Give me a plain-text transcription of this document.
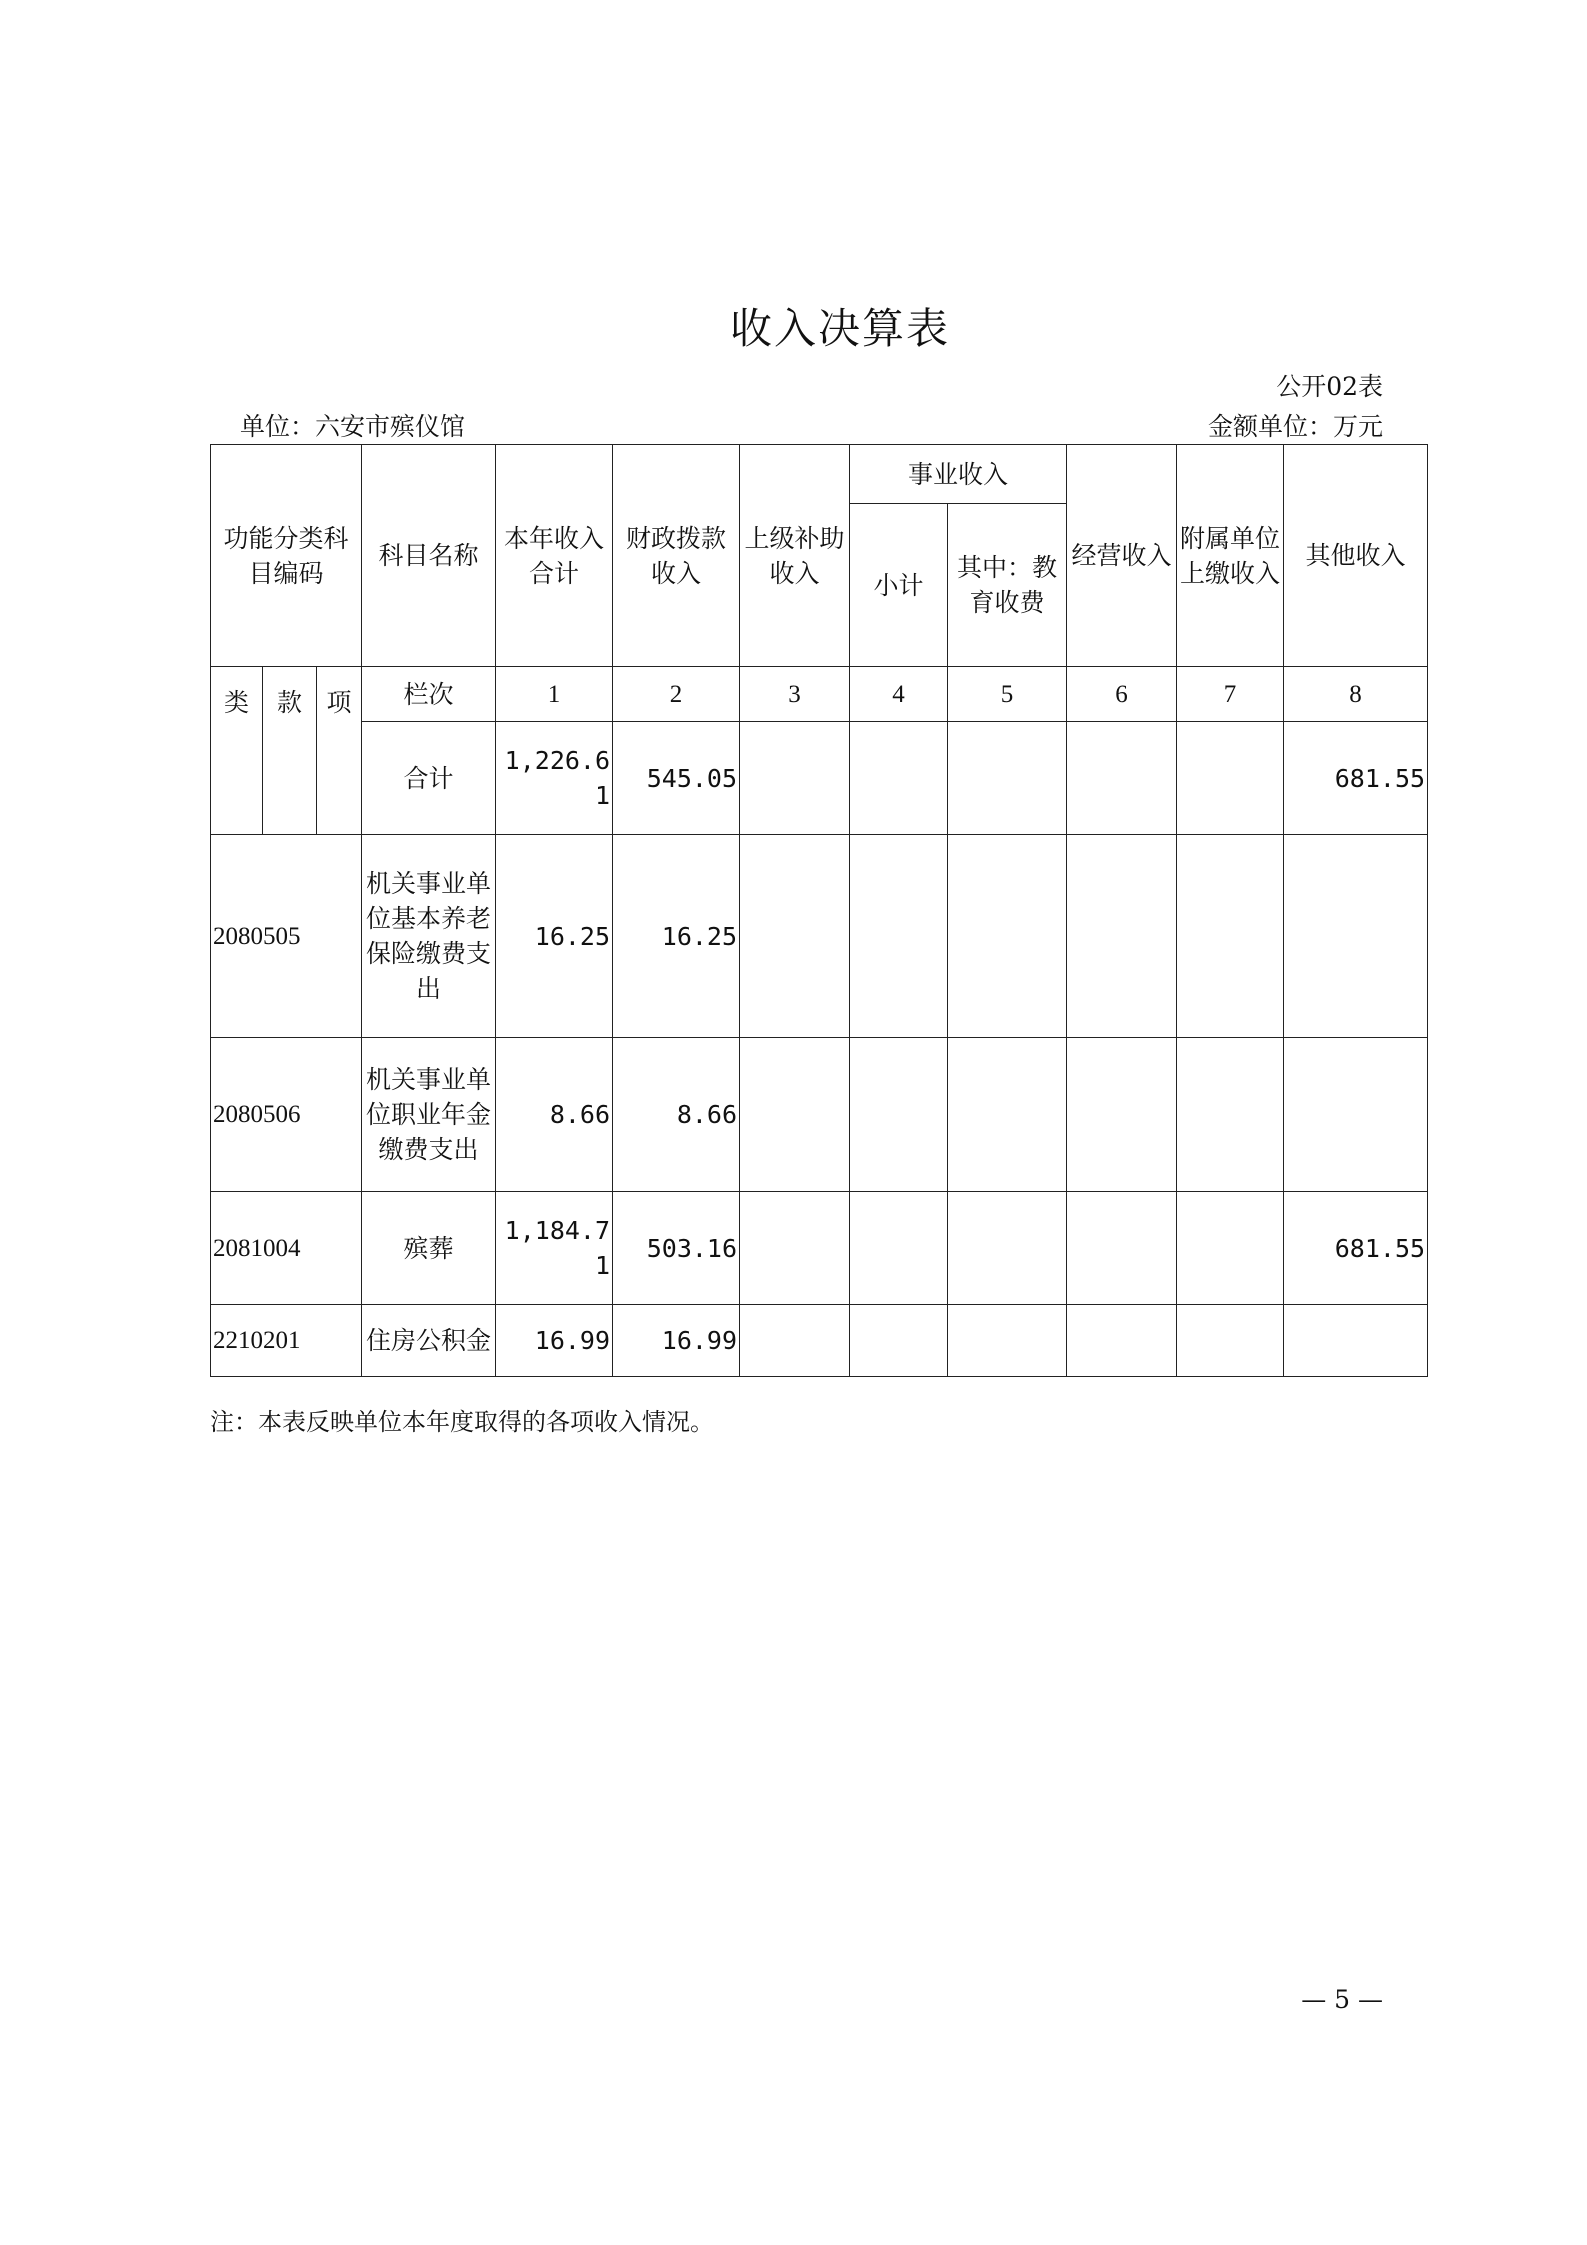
收入决算表
公开02表
单位：六安市殡仪馆	金额单位：万元
功能分类科目编码			科目名称	本年收入合计	财政拨款收入	上级补助收入	事业收入		经营收入	附属单位上缴收入	其他收入
							小计	其中：教育收费			
类	款	项	栏次	1	2	3	4	5	6	7	8
			合计	1,226.61	545.05						681.55
2080505			机关事业单位基本养老保险缴费支出	16.25	16.25						
2080506			机关事业单位职业年金缴费支出	8.66	8.66						
2081004			殡葬	1,184.71	503.16						681.55
2210201			住房公积金	16.99	16.99						
注：本表反映单位本年度取得的各项收入情况。
— 5 —
